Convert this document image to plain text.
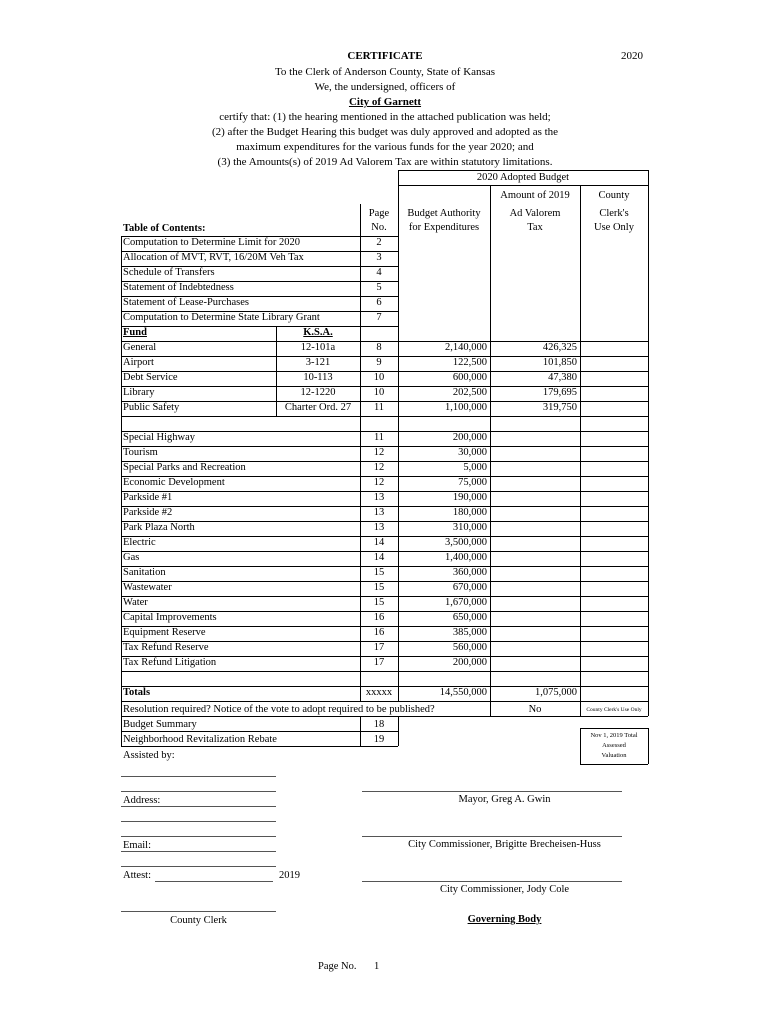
CERTIFICATE	2020
To the Clerk of Anderson County, State of Kansas
We, the undersigned, officers of
City of Garnett
certify that: (1) the hearing mentioned in the attached publication was held;
(2) after the Budget Hearing this budget was duly approved and adopted as the
maximum expenditures for the various funds for the year 2020; and
(3) the Amounts(s) of 2019 Ad Valorem Tax are within statutory limitations.
2020 Adopted Budget
Amount of 2019	County
Page	Budget Authority	Ad Valorem	Clerk's
Table of Contents:	No.	for Expenditures	Tax	Use Only
Computation to Determine Limit for 2020	2
Allocation of MVT, RVT, 16/20M Veh Tax	3
Schedule of Transfers	4
Statement of Indebtedness	5
Statement of Lease-Purchases	6
Computation to Determine State Library Grant	7
Fund	K.S.A.
General	12-101a	8	2,140,000	426,325
Airport	3-121	9	122,500	101,850
Debt Service	10-113	10	600,000	47,380
Library	12-1220	10	202,500	179,695
Public Safety	Charter Ord. 27	11	1,100,000	319,750
Special Highway	11	200,000
Tourism	12	30,000
Special Parks and Recreation	12	5,000
Economic Development	12	75,000
Parkside #1	13	190,000
Parkside #2	13	180,000
Park Plaza North	13	310,000
Electric	14	3,500,000
Gas	14	1,400,000
Sanitation	15	360,000
Wastewater	15	670,000
Water	15	1,670,000
Capital Improvements	16	650,000
Equipment Reserve	16	385,000
Tax Refund Reserve	17	560,000
Tax Refund Litigation	17	200,000
Totals	xxxxx	14,550,000	1,075,000
Resolution required? Notice of the vote to adopt required to be published?	No	County Clerk's Use Only
Budget Summary	18
Neighborhood Revitalization Rebate	19	Nov 1, 2019 Total
Assessed
Valuation
Assisted by:
Address:
Email:
Attest:	2019
County Clerk
Mayor, Greg A. Gwin
City Commissioner, Brigitte Brecheisen-Huss
City Commissioner, Jody Cole
Governing Body
Page No. 1
